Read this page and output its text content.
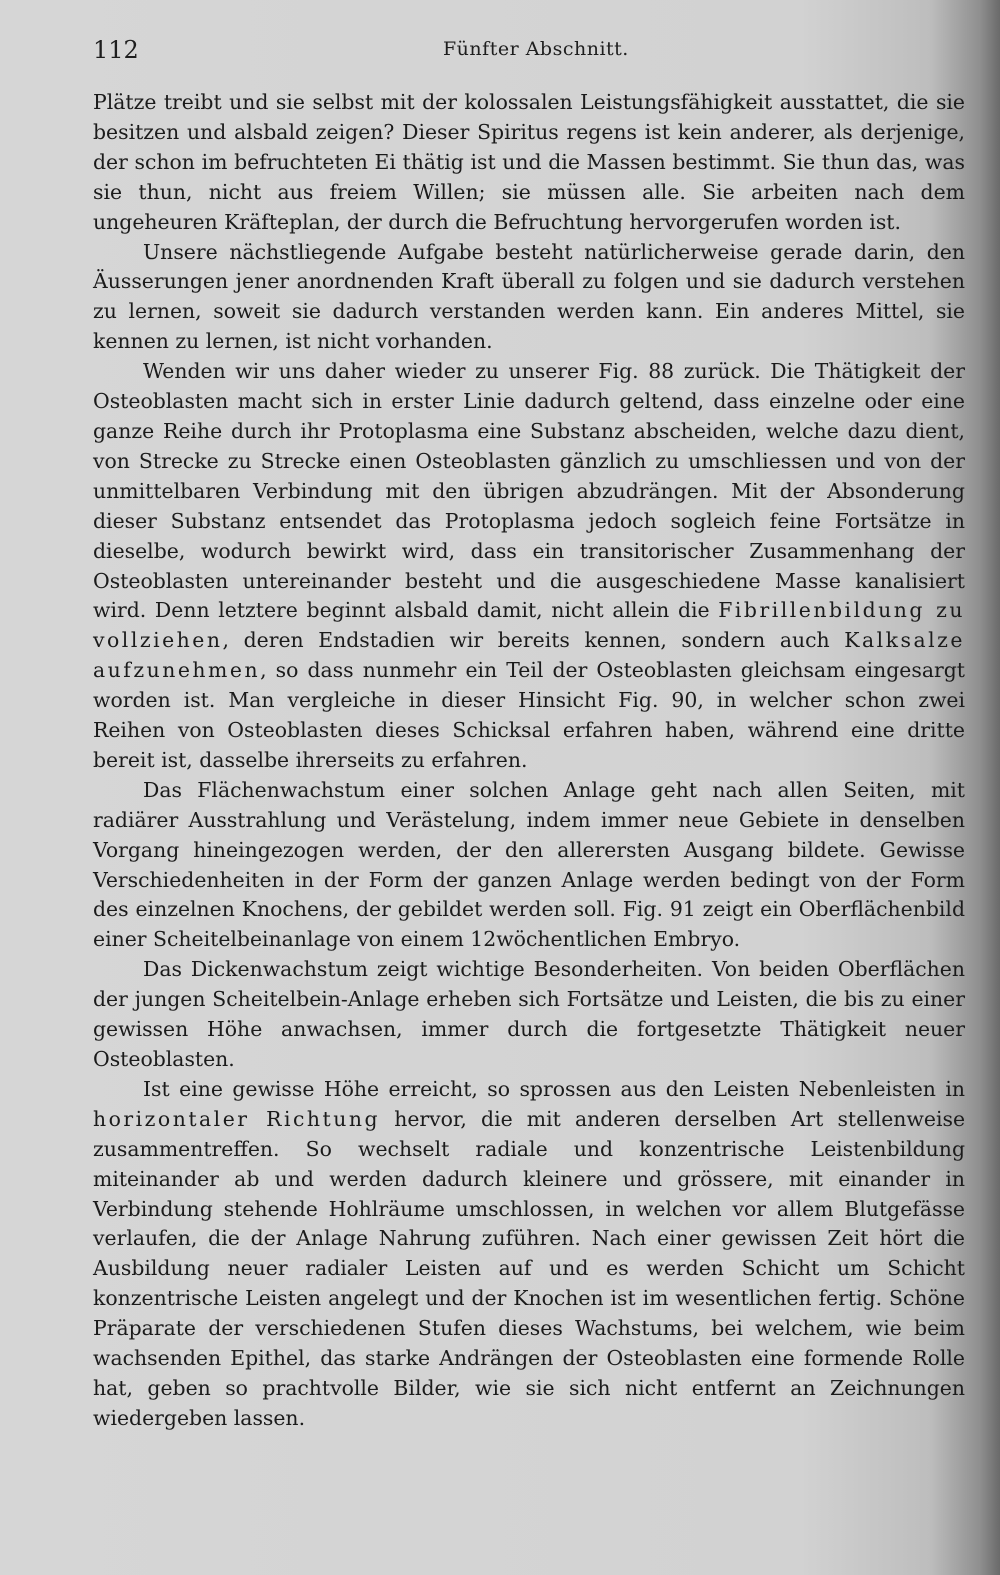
112	Fünfter Abschnitt.

Plätze treibt und sie selbst mit der kolossalen Leistungsfähigkeit ausstattet, die sie besitzen und alsbald zeigen? Dieser Spiritus regens ist kein anderer, als derjenige, der schon im befruchteten Ei thätig ist und die Massen bestimmt. Sie thun das, was sie thun, nicht aus freiem Willen; sie müssen alle. Sie arbeiten nach dem ungeheuren Kräfteplan, der durch die Befruchtung hervorgerufen worden ist.

Unsere nächstliegende Aufgabe besteht natürlicherweise gerade darin, den Äusserungen jener anordnenden Kraft überall zu folgen und sie dadurch verstehen zu lernen, soweit sie dadurch verstanden werden kann. Ein anderes Mittel, sie kennen zu lernen, ist nicht vorhanden.

Wenden wir uns daher wieder zu unserer Fig. 88 zurück. Die Thätigkeit der Osteoblasten macht sich in erster Linie dadurch geltend, dass einzelne oder eine ganze Reihe durch ihr Protoplasma eine Substanz abscheiden, welche dazu dient, von Strecke zu Strecke einen Osteoblasten gänzlich zu umschliessen und von der unmittelbaren Verbindung mit den übrigen abzudrängen. Mit der Absonderung dieser Substanz entsendet das Protoplasma jedoch sogleich feine Fortsätze in dieselbe, wodurch bewirkt wird, dass ein transitorischer Zusammenhang der Osteoblasten untereinander besteht und die ausgeschiedene Masse kanalisiert wird. Denn letztere beginnt alsbald damit, nicht allein die Fibrillenbildung zu vollziehen, deren Endstadien wir bereits kennen, sondern auch Kalksalze aufzunehmen, so dass nunmehr ein Teil der Osteoblasten gleichsam eingesargt worden ist. Man vergleiche in dieser Hinsicht Fig. 90, in welcher schon zwei Reihen von Osteoblasten dieses Schicksal erfahren haben, während eine dritte bereit ist, dasselbe ihrerseits zu erfahren.

Das Flächenwachstum einer solchen Anlage geht nach allen Seiten, mit radiärer Ausstrahlung und Verästelung, indem immer neue Gebiete in denselben Vorgang hineingezogen werden, der den allerersten Ausgang bildete. Gewisse Verschiedenheiten in der Form der ganzen Anlage werden bedingt von der Form des einzelnen Knochens, der gebildet werden soll. Fig. 91 zeigt ein Oberflächenbild einer Scheitelbeinanlage von einem 12wöchentlichen Embryo.

Das Dickenwachstum zeigt wichtige Besonderheiten. Von beiden Oberflächen der jungen Scheitelbein-Anlage erheben sich Fortsätze und Leisten, die bis zu einer gewissen Höhe anwachsen, immer durch die fortgesetzte Thätigkeit neuer Osteoblasten.

Ist eine gewisse Höhe erreicht, so sprossen aus den Leisten Nebenleisten in horizontaler Richtung hervor, die mit anderen derselben Art stellenweise zusammentreffen. So wechselt radiale und konzentrische Leistenbildung miteinander ab und werden dadurch kleinere und grössere, mit einander in Verbindung stehende Hohlräume umschlossen, in welchen vor allem Blutgefässe verlaufen, die der Anlage Nahrung zuführen. Nach einer gewissen Zeit hört die Ausbildung neuer radialer Leisten auf und es werden Schicht um Schicht konzentrische Leisten angelegt und der Knochen ist im wesentlichen fertig. Schöne Präparate der verschiedenen Stufen dieses Wachstums, bei welchem, wie beim wachsenden Epithel, das starke Andrängen der Osteoblasten eine formende Rolle hat, geben so prachtvolle Bilder, wie sie sich nicht entfernt an Zeichnungen wiedergeben lassen.
